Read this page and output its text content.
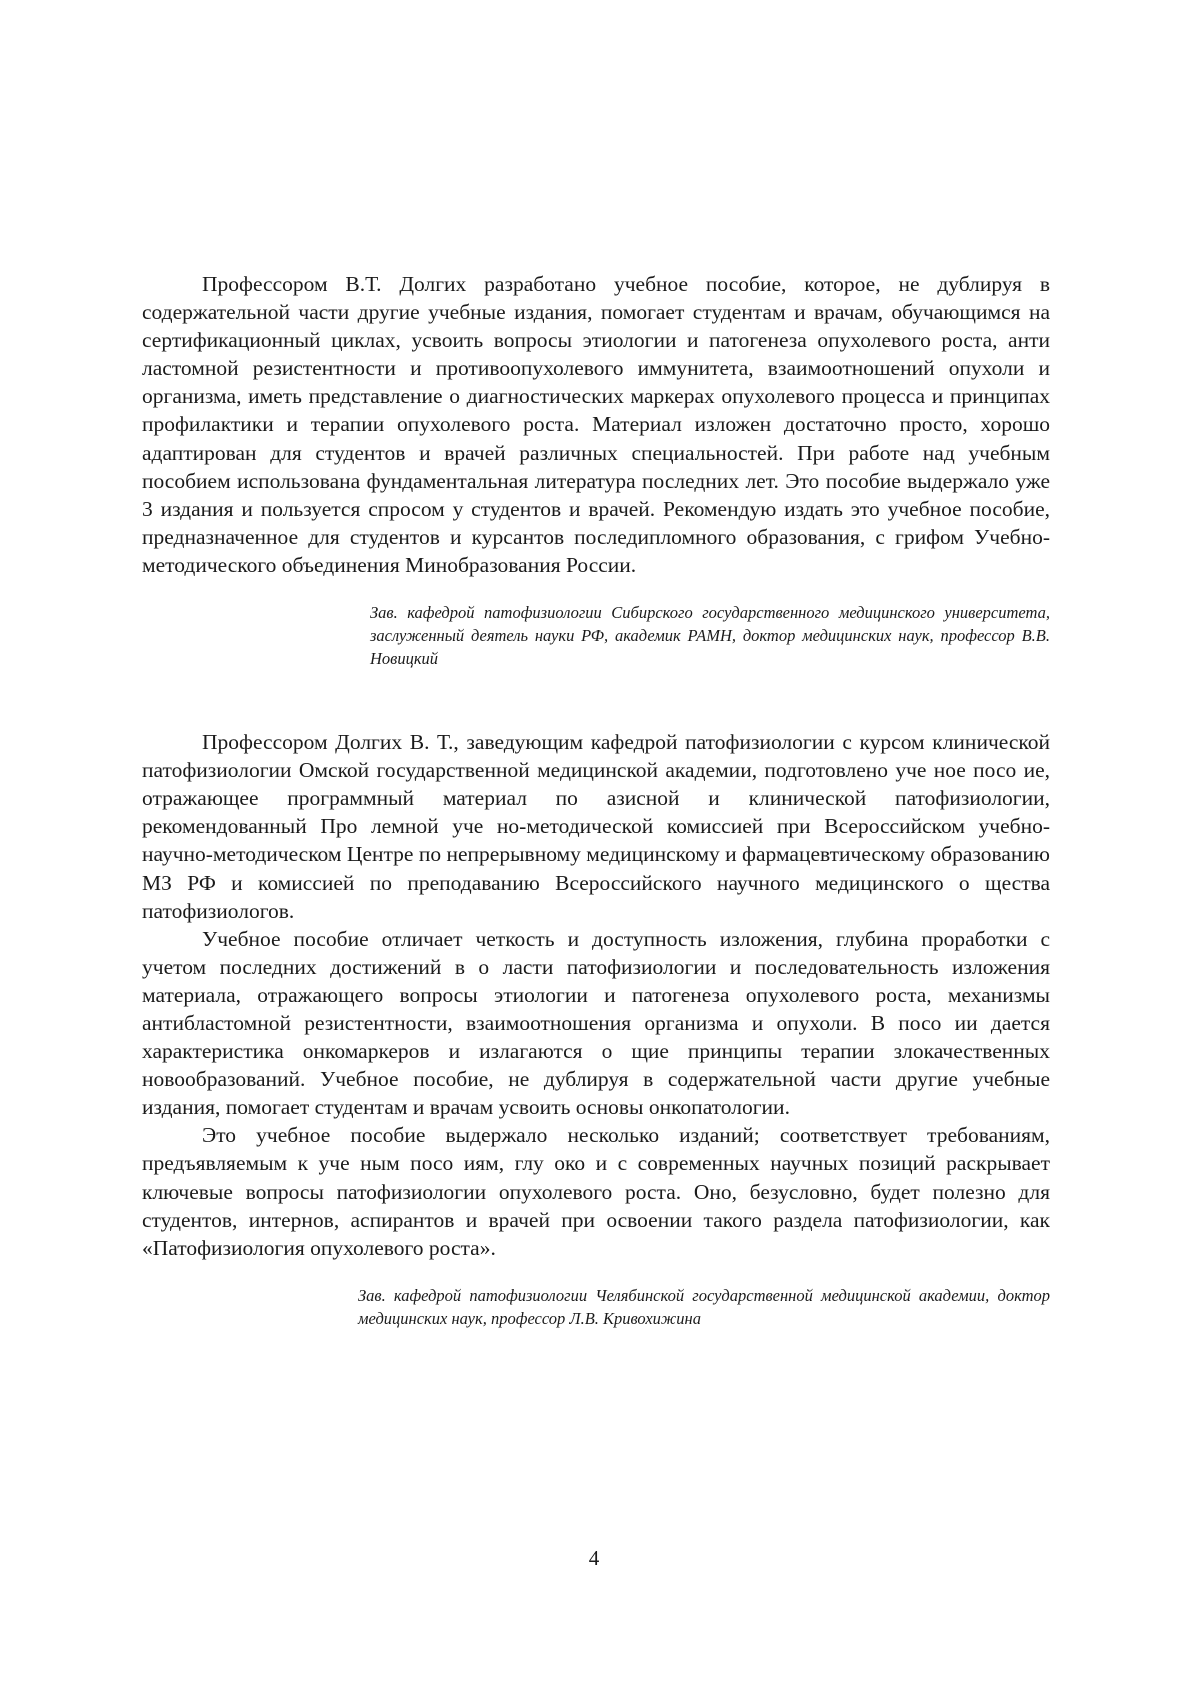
Профессором В.Т. Долгих разработано учебное пособие, которое, не дублируя в содержательной части другие учебные издания, помогает студентам и врачам, обучающимся на сертификационный циклах, усвоить вопросы этиологии и патогенеза опухолевого роста, анти ластомной резистентности и противоопухолевого иммунитета, взаимоотношений опухоли и организма, иметь представление о диагностических маркерах опухолевого процесса и принципах профилактики и терапии опухолевого роста. Материал изложен достаточно просто, хорошо адаптирован для студентов и врачей различных специальностей. При работе над учебным пособием использована фундаментальная литература последних лет. Это пособие выдержало уже 3 издания и пользуется спросом у студентов и врачей. Рекомендую издать это учебное пособие, предназначенное для студентов и курсантов последипломного образования, с грифом Учебно-методического объединения Минобразования России.

Зав. кафедрой патофизиологии Сибирского государственного медицинского университета, заслуженный деятель науки РФ, академик РАМН, доктор медицинских наук, профессор В.В. Новицкий

Профессором Долгих В. Т., заведующим кафедрой патофизиологии с курсом клинической патофизиологии Омской государственной медицинской академии, подготовлено уче ное посо ие, отражающее программный материал по азисной и клинической патофизиологии, рекомендованный Про лемной уче но-методической комиссией при Всероссийском учебно-научно-методическом Центре по непрерывному медицинскому и фармацевтическому образованию МЗ РФ и комиссией по преподаванию Всероссийского научного медицинского о щества патофизиологов.

Учебное пособие отличает четкость и доступность изложения, глубина проработки с учетом последних достижений в о ласти патофизиологии и последовательность изложения материала, отражающего вопросы этиологии и патогенеза опухолевого роста, механизмы антибластомной резистентности, взаимоотношения организма и опухоли. В посо ии дается характеристика онкомаркеров и излагаются о щие принципы терапии злокачественных новообразований. Учебное пособие, не дублируя в содержательной части другие учебные издания, помогает студентам и врачам усвоить основы онкопатологии.

Это учебное пособие выдержало несколько изданий; соответствует требованиям, предъявляемым к уче ным посо иям, глу око и с современных научных позиций раскрывает ключевые вопросы патофизиологии опухолевого роста. Оно, безусловно, будет полезно для студентов, интернов, аспирантов и врачей при освоении такого раздела патофизиологии, как «Патофизиология опухолевого роста».

Зав. кафедрой патофизиологии Челябинской государственной медицинской академии, доктор медицинских наук, профессор Л.В. Кривохижина
4
